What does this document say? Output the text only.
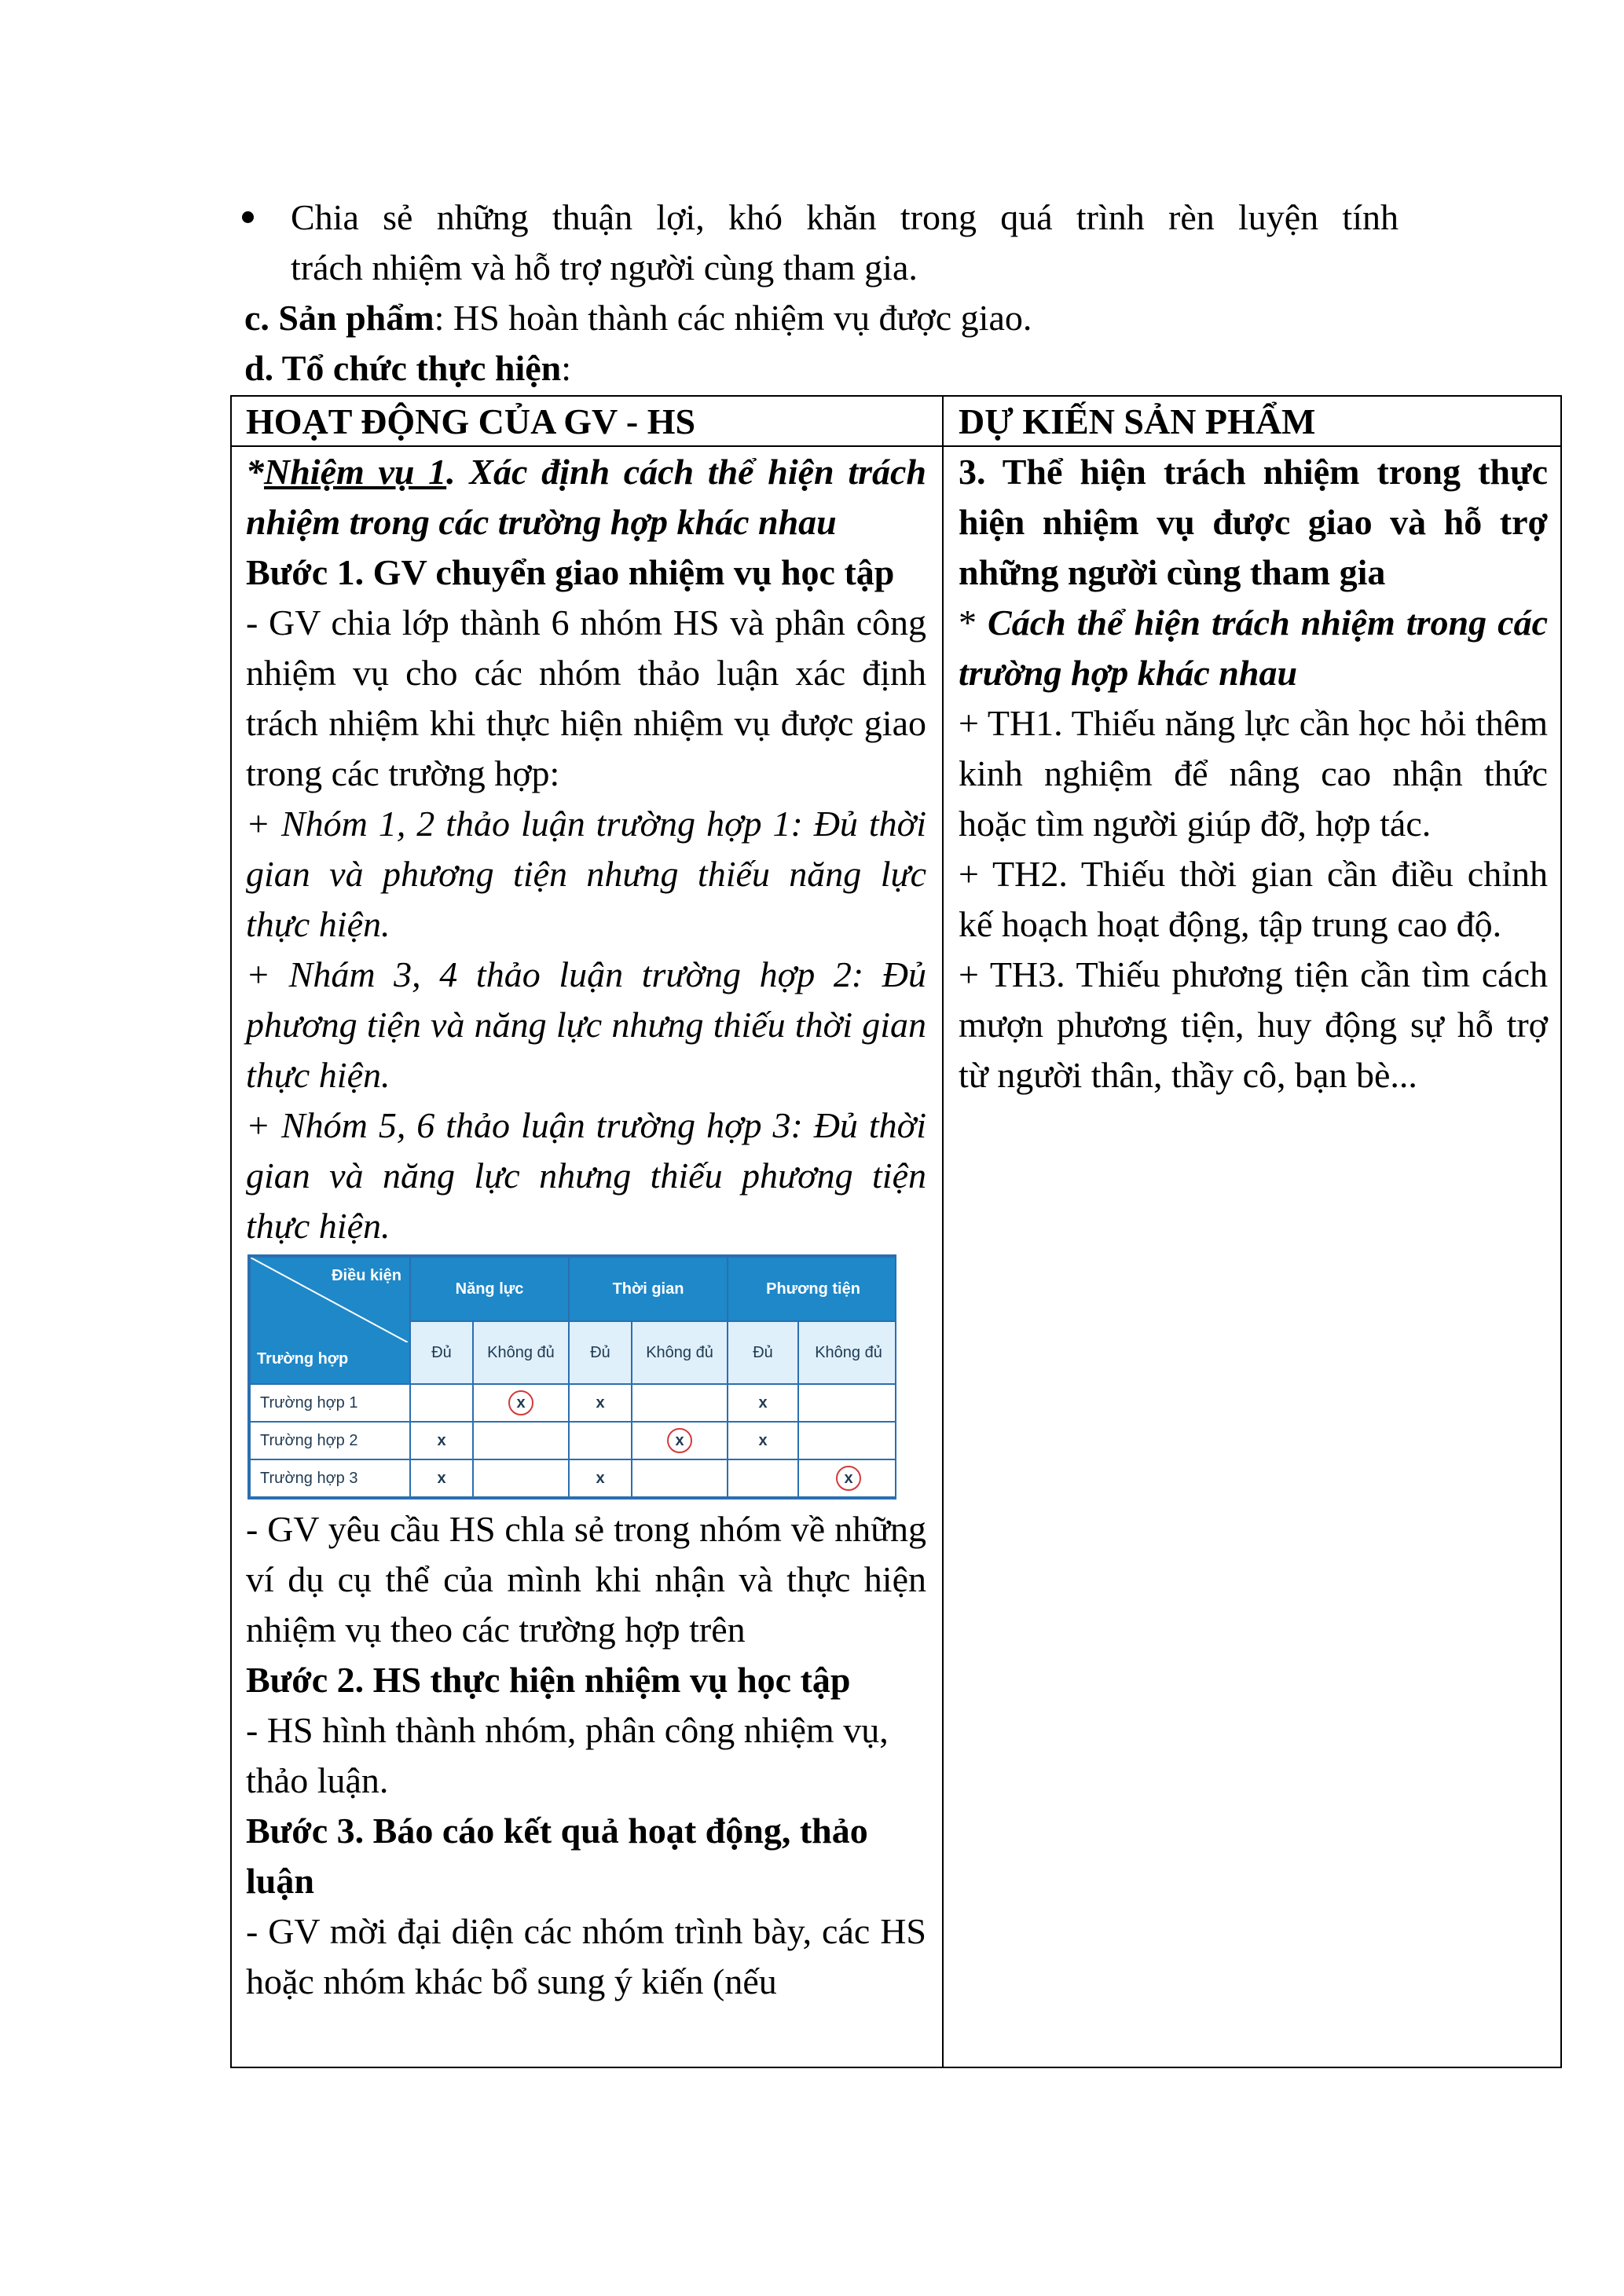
Chia sẻ những thuận lợi, khó khăn trong quá trình rèn luyện tính
trách nhiệm và hỗ trợ người cùng tham gia.
c. Sản phẩm: HS hoàn thành các nhiệm vụ được giao.
d. Tổ chức thực hiện:
HOẠT ĐỘNG CỦA GV - HS	DỰ KIẾN SẢN PHẨM

*Nhiệm vụ 1. Xác định cách thể hiện trách nhiệm trong các trường hợp khác nhau

Bước 1. GV chuyển giao nhiệm vụ học tập

- GV chia lớp thành 6 nhóm HS và phân công nhiệm vụ cho các nhóm thảo luận xác định trách nhiệm khi thực hiện nhiệm vụ được giao trong các trường hợp:

+ Nhóm 1, 2 thảo luận trường hợp 1: Đủ thời gian và phương tiện nhưng thiếu năng lực thực hiện.

+ Nhám 3, 4 thảo luận trường hợp 2: Đủ phương tiện và năng lực nhưng thiếu thời gian thực hiện.

+ Nhóm 5, 6 thảo luận trường hợp 3: Đủ thời gian và năng lực nhưng thiếu phương tiện thực hiện.

Điều kiện
Trường hợp	Năng lực		Thời gian		Phương tiện	
	Đủ	Không đủ	Đủ	Không đủ	Đủ	Không đủ
Trường hợp 1		x	x		x	
Trường hợp 2	x			x	x	
Trường hợp 3	x		x			x

- GV yêu cầu HS chla sẻ trong nhóm về những ví dụ cụ thể của mình khi nhận và thực hiện nhiệm vụ theo các trường hợp trên

Bước 2. HS thực hiện nhiệm vụ học tập

- HS hình thành nhóm, phân công nhiệm vụ, thảo luận.

Bước 3. Báo cáo kết quả hoạt động, thảo luận

- GV mời đại diện các nhóm trình bày, các HS hoặc nhóm khác bổ sung ý kiến (nếu

3. Thể hiện trách nhiệm trong thực hiện nhiệm vụ được giao và hỗ trợ những người cùng tham gia

* Cách thể hiện trách nhiệm trong các trường hợp khác nhau

+ TH1. Thiếu năng lực cần học hỏi thêm kinh nghiệm để nâng cao nhận thức hoặc tìm người giúp đỡ, hợp tác.

+ TH2. Thiếu thời gian cần điều chỉnh kế hoạch hoạt động, tập trung cao độ.

+ TH3. Thiếu phương tiện cần tìm cách mượn phương tiện, huy động sự hỗ trợ từ người thân, thầy cô, bạn bè...
